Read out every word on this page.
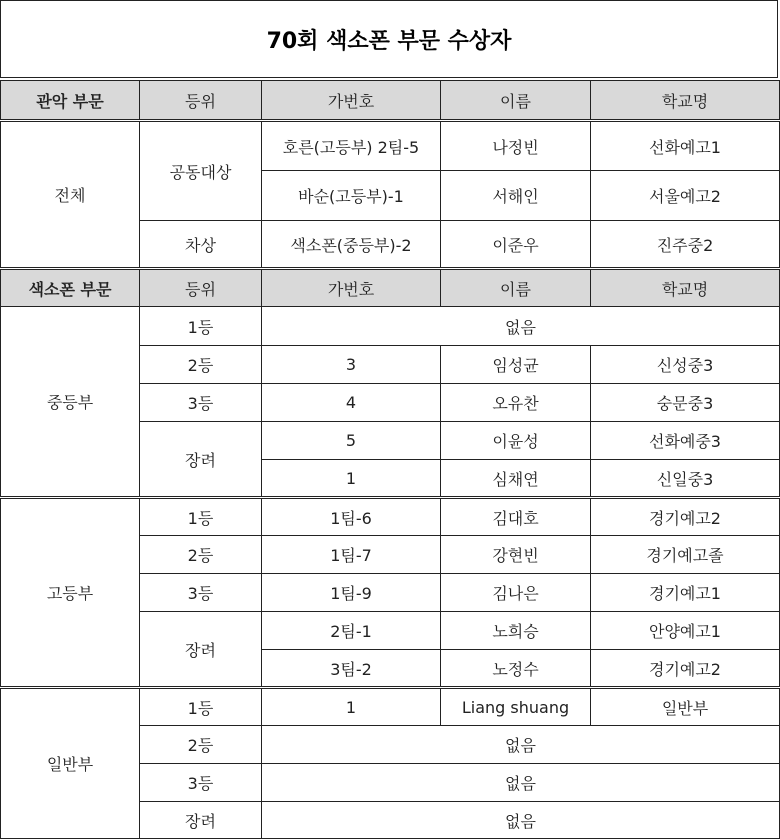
70회 색소폰 부문 수상자
관악 부문	등위	가번호	이름	학교명
전체	공동대상	호른(고등부) 2팀-5	나정빈	선화예고1
		바순(고등부)-1	서해인	서울예고2
	차상	색소폰(중등부)-2	이준우	진주중2
색소폰 부문	등위	가번호	이름	학교명
중등부	1등	없음		
	2등	3	임성균	신성중3
	3등	4	오유찬	숭문중3
	장려	5	이윤성	선화예중3
		1	심채연	신일중3
고등부	1등	1팀-6	김대호	경기예고2
	2등	1팀-7	강현빈	경기예고졸
	3등	1팀-9	김나은	경기예고1
	장려	2팀-1	노희승	안양예고1
		3팀-2	노정수	경기예고2
일반부	1등	1	Liang shuang	일반부
	2등	없음		
	3등	없음		
	장려	없음		
